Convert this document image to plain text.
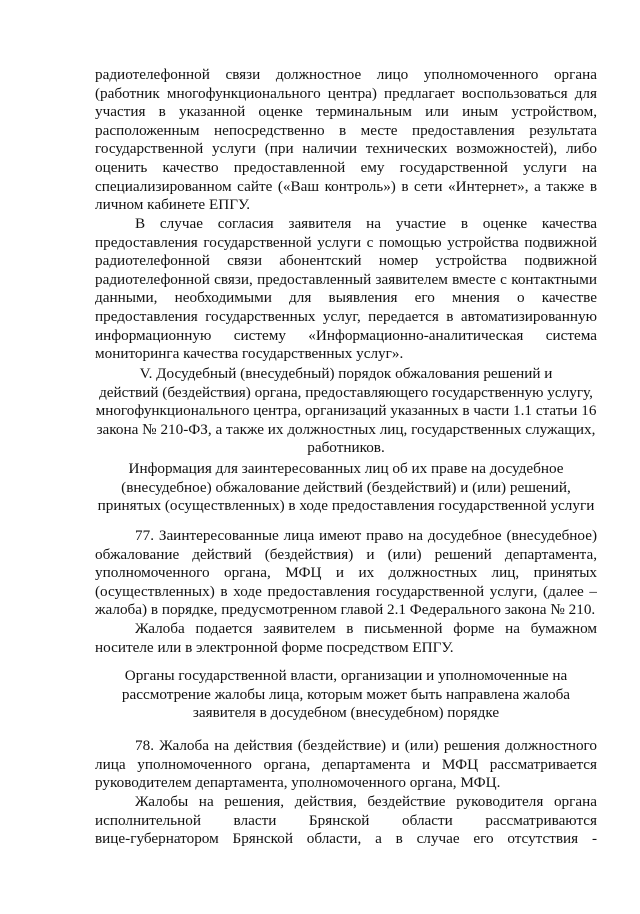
радиотелефонной связи должностное лицо уполномоченного органа
(работник многофункционального центра) предлагает воспользоваться для
участия в указанной оценке терминальным или иным устройством,
расположенным непосредственно в месте предоставления результата
государственной услуги (при наличии технических возможностей), либо
оценить качество предоставленной ему государственной услуги на
специализированном сайте («Ваш контроль») в сети «Интернет», а также в
личном кабинете ЕПГУ.
В случае согласия заявителя на участие в оценке качества
предоставления государственной услуги с помощью устройства подвижной
радиотелефонной связи абонентский номер устройства подвижной
радиотелефонной связи, предоставленный заявителем вместе с контактными
данными, необходимыми для выявления его мнения о качестве
предоставления государственных услуг, передается в автоматизированную
информационную систему «Информационно-аналитическая система
мониторинга качества государственных услуг».
V. Досудебный (внесудебный) порядок обжалования решений и
действий (бездействия) органа, предоставляющего государственную услугу,
многофункционального центра, организаций указанных в части 1.1 статьи 16
закона № 210-ФЗ, а также их должностных лиц, государственных служащих,
работников.
Информация для заинтересованных лиц об их праве на досудебное
(внесудебное) обжалование действий (бездействий) и (или) решений,
принятых (осуществленных) в ходе предоставления государственной услуги
77. Заинтересованные лица имеют право на досудебное (внесудебное)
обжалование действий (бездействия) и (или) решений департамента,
уполномоченного органа, МФЦ и их должностных лиц, принятых
(осуществленных) в ходе предоставления государственной услуги, (далее –
жалоба) в порядке, предусмотренном главой 2.1 Федерального закона № 210.
Жалоба подается заявителем в письменной форме на бумажном
носителе или в электронной форме посредством ЕПГУ.
Органы государственной власти, организации и уполномоченные на
рассмотрение жалобы лица, которым может быть направлена жалоба
заявителя в досудебном (внесудебном) порядке
78. Жалоба на действия (бездействие) и (или) решения должностного
лица уполномоченного органа, департамента и МФЦ рассматривается
руководителем департамента, уполномоченного органа, МФЦ.
Жалобы на решения, действия, бездействие руководителя органа
исполнительной власти Брянской области рассматриваются
вице-губернатором Брянской области, а в случае его отсутствия -
